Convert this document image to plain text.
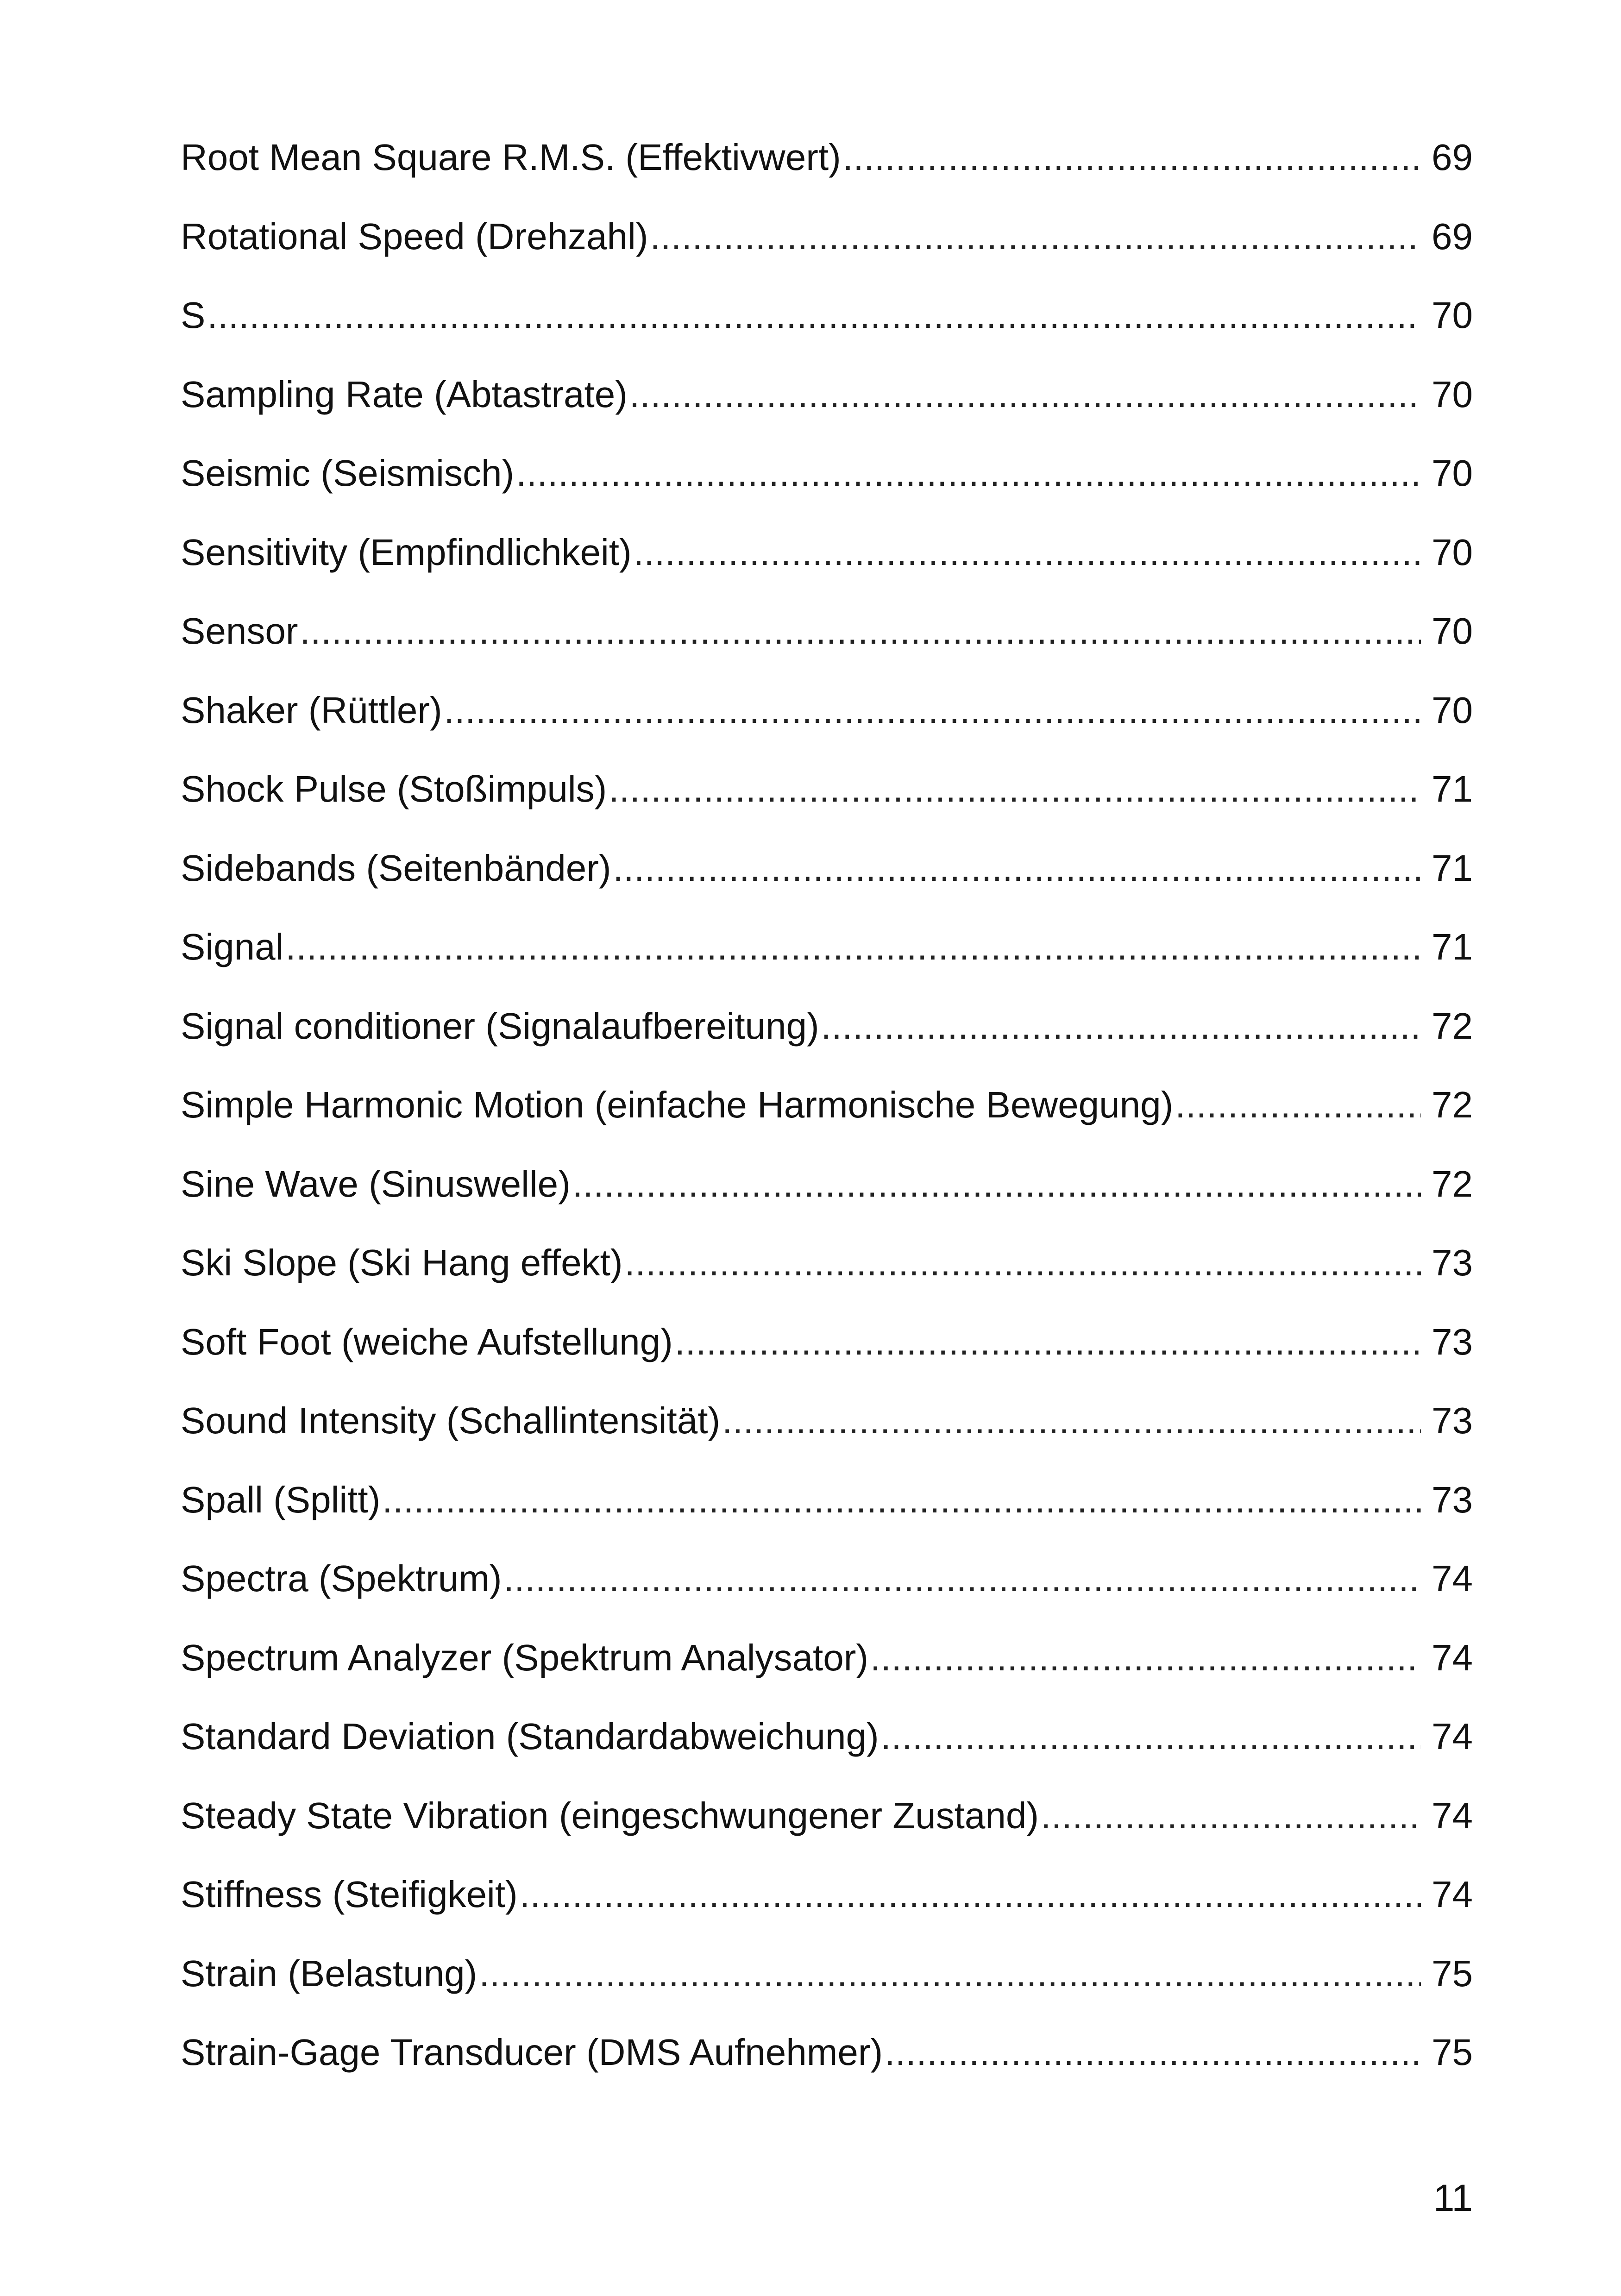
Root Mean Square R.M.S. (Effektivwert) .....	69
Rotational Speed (Drehzahl) .....	69
S .....	70
Sampling Rate (Abtastrate) .....	70
Seismic (Seismisch) .....	70
Sensitivity (Empfindlichkeit) .....	70
Sensor .....	70
Shaker (Rüttler) .....	70
Shock Pulse (Stoßimpuls) .....	71
Sidebands (Seitenbänder) .....	71
Signal .....	71
Signal conditioner (Signalaufbereitung) .....	72
Simple Harmonic Motion (einfache Harmonische Bewegung) .....	72
Sine Wave (Sinuswelle) .....	72
Ski Slope (Ski Hang effekt) .....	73
Soft Foot (weiche Aufstellung) .....	73
Sound Intensity (Schallintensität) .....	73
Spall (Splitt) .....	73
Spectra (Spektrum) .....	74
Spectrum Analyzer (Spektrum Analysator) .....	74
Standard Deviation (Standardabweichung) .....	74
Steady State Vibration (eingeschwungener Zustand) .....	74
Stiffness (Steifigkeit) .....	74
Strain (Belastung) .....	75
Strain-Gage Transducer (DMS Aufnehmer) .....	75
11
